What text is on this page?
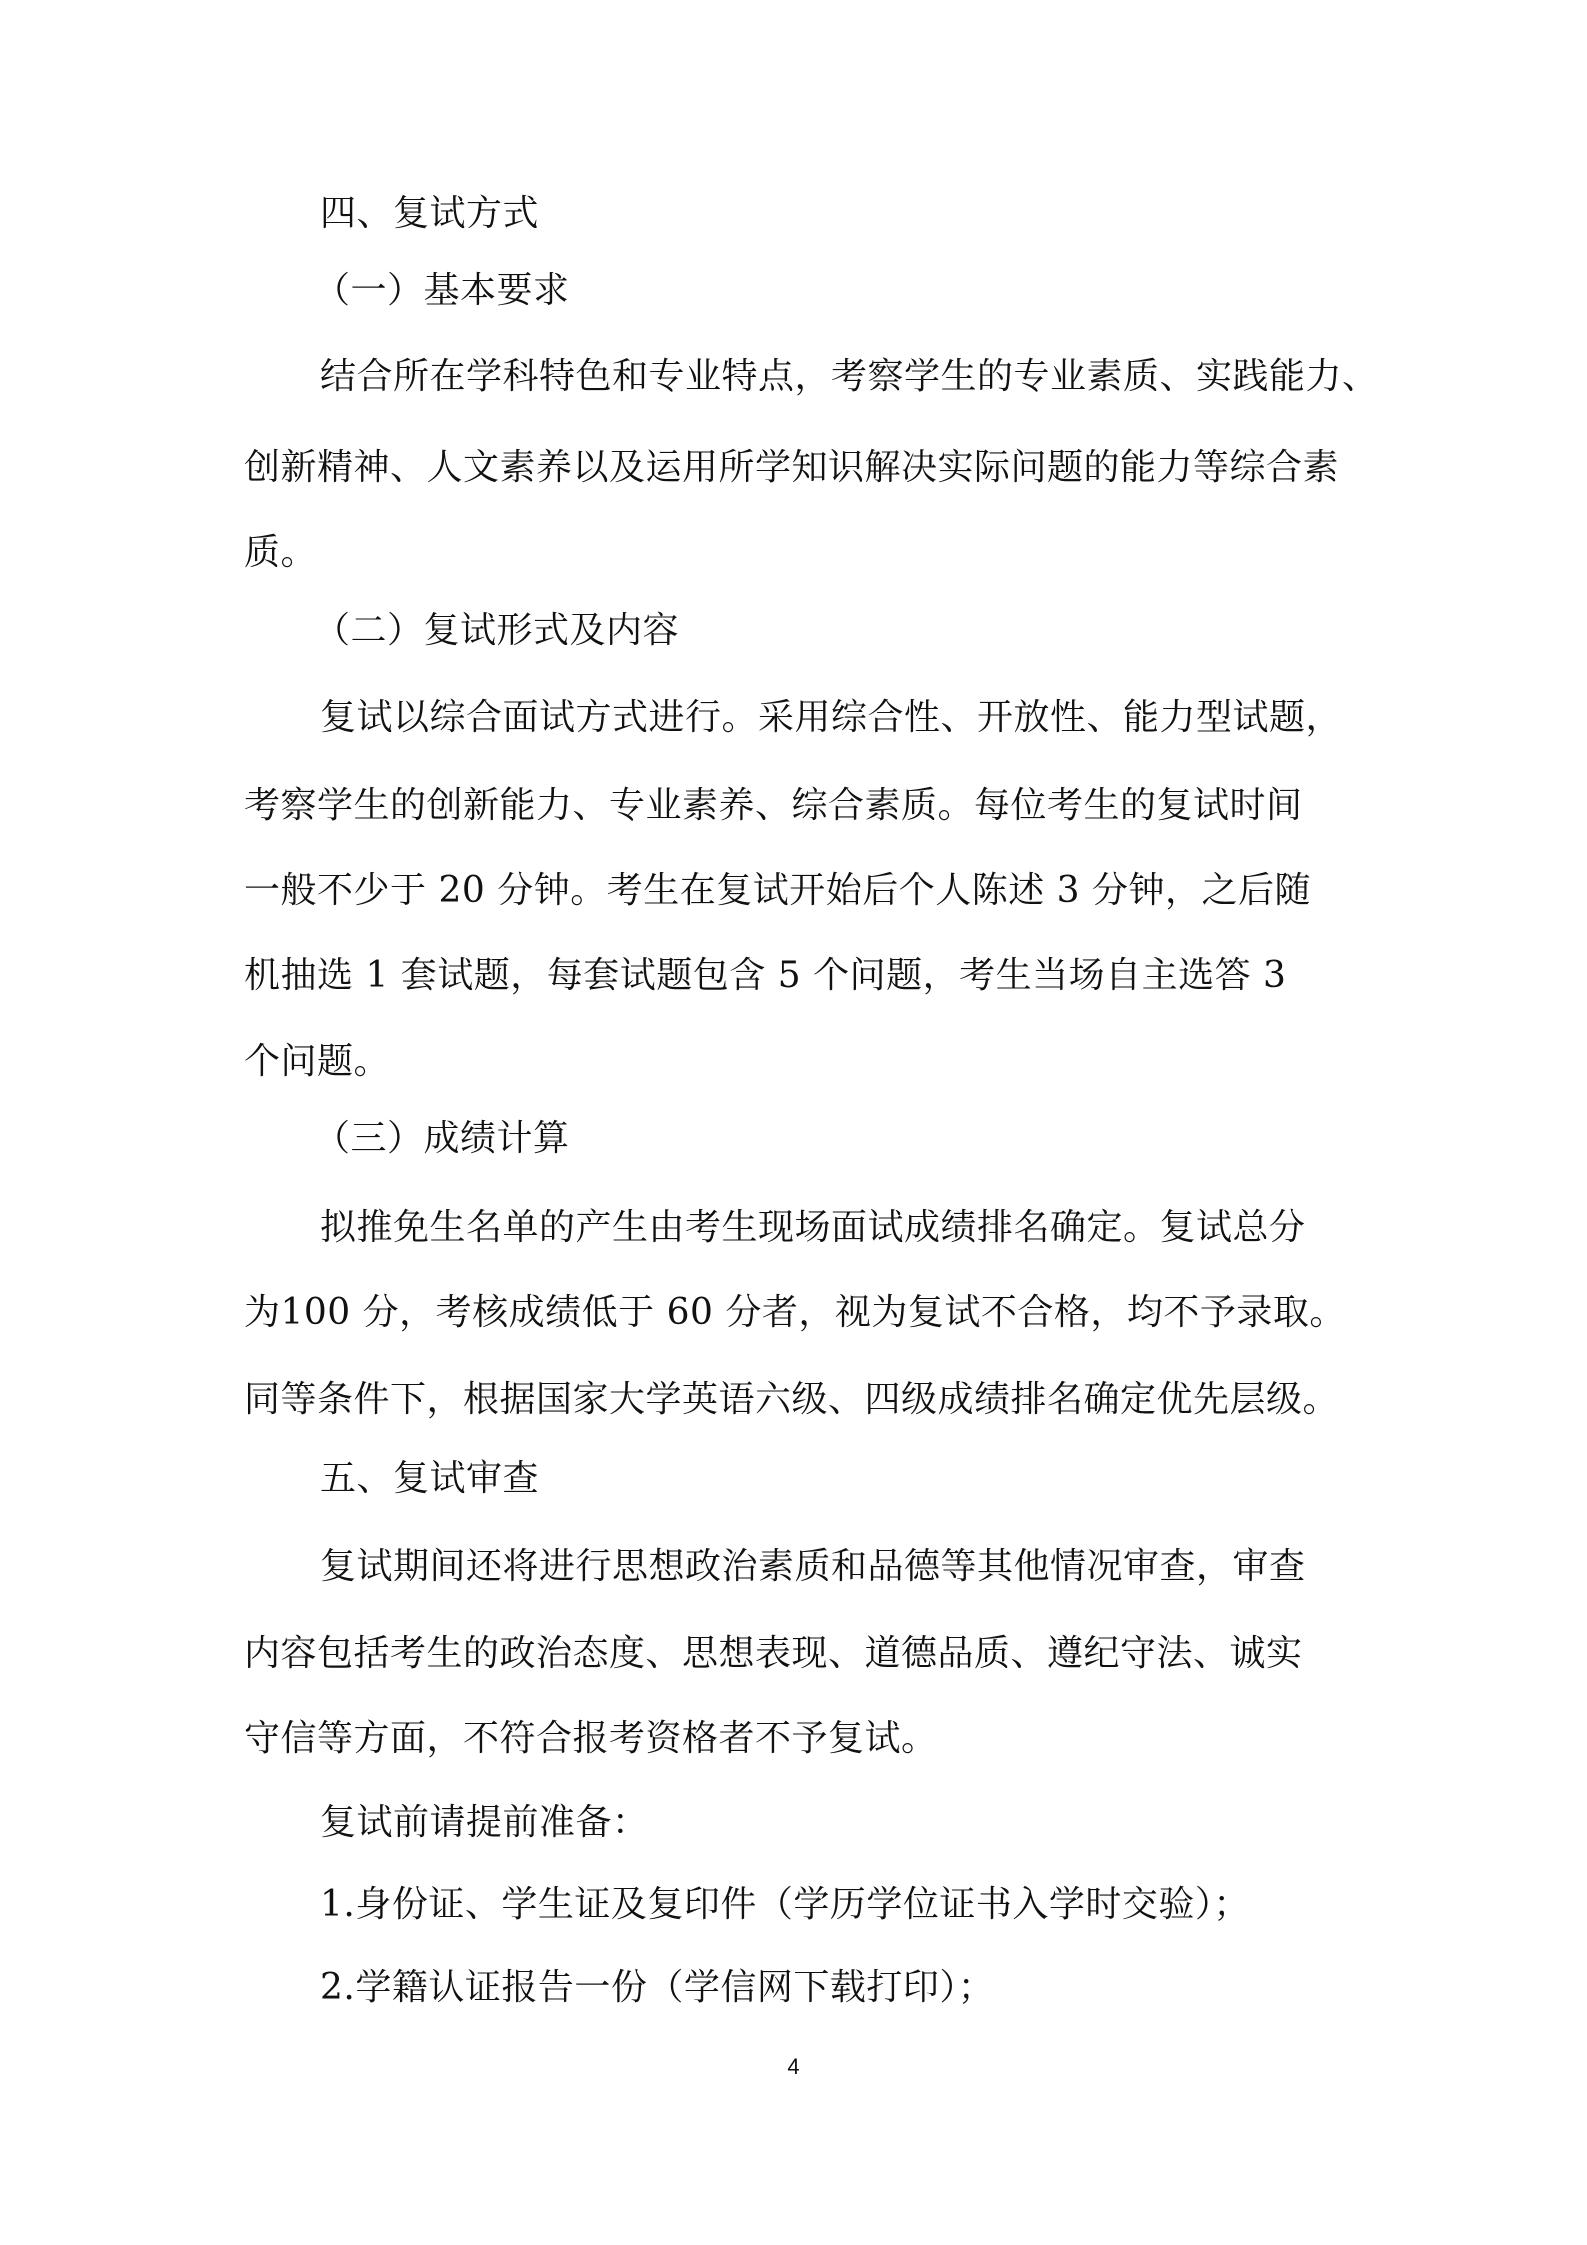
四、复试方式
（一）基本要求
结合所在学科特色和专业特点，考察学生的专业素质、实践能力、
创新精神、人文素养以及运用所学知识解决实际问题的能力等综合素
质。
（二）复试形式及内容
复试以综合面试方式进行。采用综合性、开放性、能力型试题，
考察学生的创新能力、专业素养、综合素质。每位考生的复试时间
一般不少于 20 分钟。考生在复试开始后个人陈述 3 分钟，之后随
机抽选 1 套试题，每套试题包含 5 个问题，考生当场自主选答 3
个问题。
（三）成绩计算
拟推免生名单的产生由考生现场面试成绩排名确定。复试总分
为100 分，考核成绩低于 60 分者，视为复试不合格，均不予录取。
同等条件下，根据国家大学英语六级、四级成绩排名确定优先层级。
五、复试审查
复试期间还将进行思想政治素质和品德等其他情况审查，审查
内容包括考生的政治态度、思想表现、道德品质、遵纪守法、诚实
守信等方面，不符合报考资格者不予复试。
复试前请提前准备：
1.身份证、学生证及复印件（学历学位证书入学时交验）；
2.学籍认证报告一份（学信网下载打印）；
4
